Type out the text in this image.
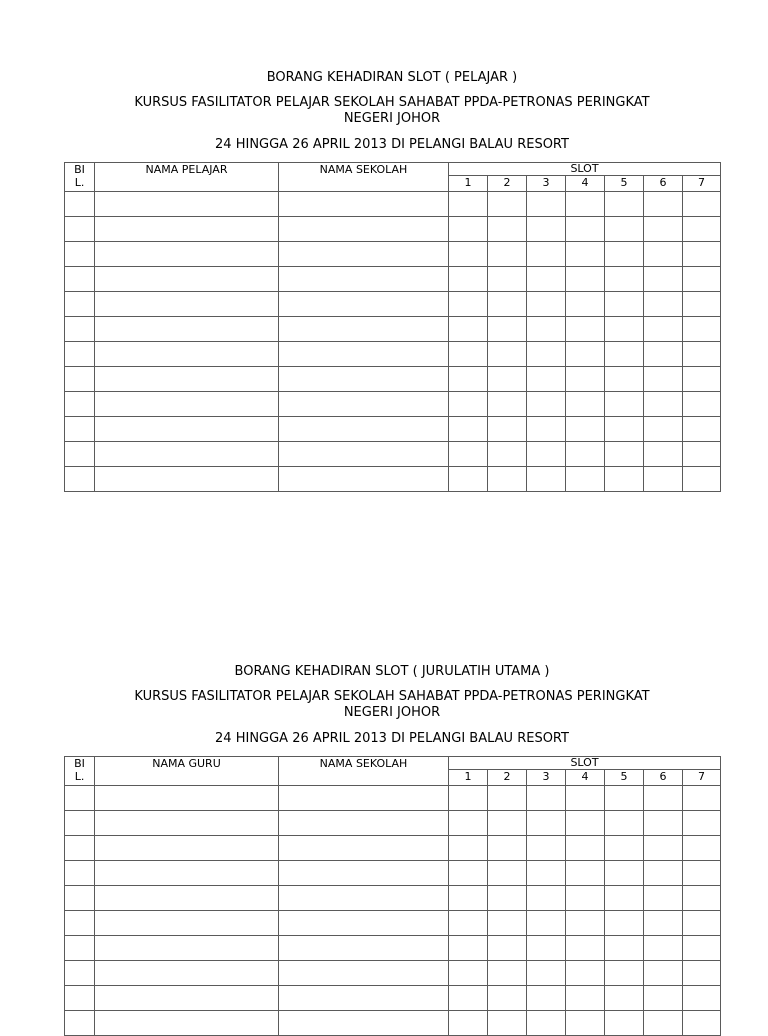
BORANG KEHADIRAN SLOT ( PELAJAR )
KURSUS FASILITATOR PELAJAR SEKOLAH SAHABAT PPDA-PETRONAS PERINGKAT
NEGERI JOHOR
24 HINGGA 26 APRIL 2013 DI PELANGI BALAU RESORT
BI
L.	NAMA PELAJAR	NAMA SEKOLAH	SLOT						
			1	2	3	4	5	6	7

BORANG KEHADIRAN SLOT ( JURULATIH UTAMA )
KURSUS FASILITATOR PELAJAR SEKOLAH SAHABAT PPDA-PETRONAS PERINGKAT
NEGERI JOHOR
24 HINGGA 26 APRIL 2013 DI PELANGI BALAU RESORT
BI
L.	NAMA GURU	NAMA SEKOLAH	SLOT						
			1	2	3	4	5	6	7
